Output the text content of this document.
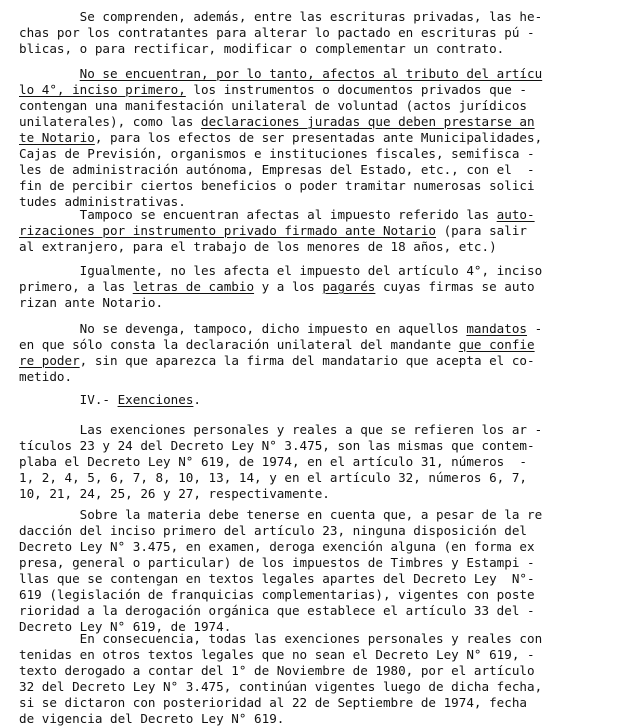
Se comprenden, además, entre las escrituras privadas, las he-
chas por los contratantes para alterar lo pactado en escrituras pú -
blicas, o para rectificar, modificar o complementar un contrato.
No se encuentran, por lo tanto, afectos al tributo del artícu
lo 4°, inciso primero, los instrumentos o documentos privados que -
contengan una manifestación unilateral de voluntad (actos jurídicos
unilaterales), como las declaraciones juradas que deben prestarse an
te Notario, para los efectos de ser presentadas ante Municipalidades,
Cajas de Previsión, organismos e instituciones fiscales, semifisca -
les de administración autónoma, Empresas del Estado, etc., con el  -
fin de percibir ciertos beneficios o poder tramitar numerosas solici
tudes administrativas.
Tampoco se encuentran afectas al impuesto referido las auto-
rizaciones por instrumento privado firmado ante Notario (para salir
al extranjero, para el trabajo de los menores de 18 años, etc.)
Igualmente, no les afecta el impuesto del artículo 4°, inciso
primero, a las letras de cambio y a los pagarés cuyas firmas se auto
rizan ante Notario.
No se devenga, tampoco, dicho impuesto en aquellos mandatos -
en que sólo consta la declaración unilateral del mandante que confie
re poder, sin que aparezca la firma del mandatario que acepta el co-
metido.
IV.- Exenciones.
Las exenciones personales y reales a que se refieren los ar -
tículos 23 y 24 del Decreto Ley N° 3.475, son las mismas que contem-
plaba el Decreto Ley N° 619, de 1974, en el artículo 31, números  -
1, 2, 4, 5, 6, 7, 8, 10, 13, 14, y en el artículo 32, números 6, 7,
10, 21, 24, 25, 26 y 27, respectivamente.
Sobre la materia debe tenerse en cuenta que, a pesar de la re
dacción del inciso primero del artículo 23, ninguna disposición del
Decreto Ley N° 3.475, en examen, deroga exención alguna (en forma ex
presa, general o particular) de los impuestos de Timbres y Estampi -
llas que se contengan en textos legales apartes del Decreto Ley  N°-
619 (legislación de franquicias complementarias), vigentes con poste
rioridad a la derogación orgánica que establece el artículo 33 del -
Decreto Ley N° 619, de 1974.
En consecuencia, todas las exenciones personales y reales con
tenidas en otros textos legales que no sean el Decreto Ley N° 619, -
texto derogado a contar del 1° de Noviembre de 1980, por el artículo
32 del Decreto Ley N° 3.475, continúan vigentes luego de dicha fecha,
si se dictaron con posterioridad al 22 de Septiembre de 1974, fecha
de vigencia del Decreto Ley N° 619.
